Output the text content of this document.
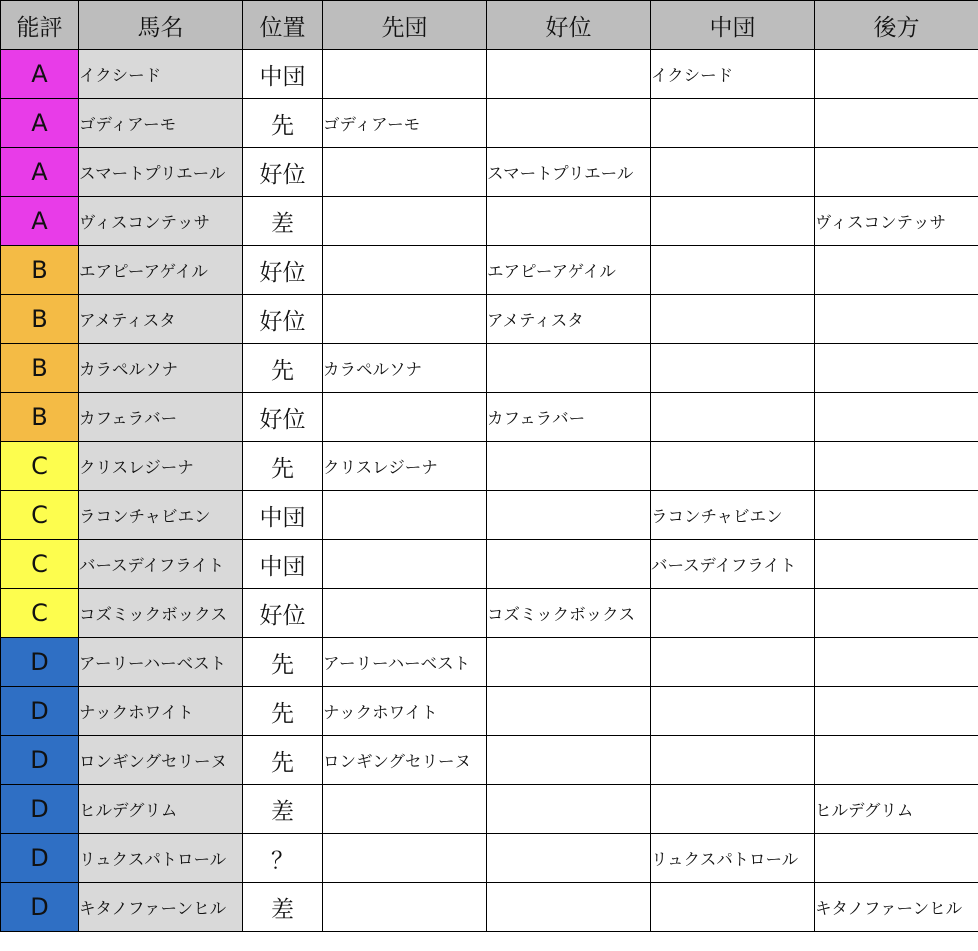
能評	馬名	位置	先団	好位	中団	後方
A	イクシード	中団			イクシード	
A	ゴディアーモ	先	ゴディアーモ			
A	スマートプリエール	好位		スマートプリエール		
A	ヴィスコンテッサ	差				ヴィスコンテッサ
B	エアピーアゲイル	好位		エアピーアゲイル		
B	アメティスタ	好位		アメティスタ		
B	カラペルソナ	先	カラペルソナ			
B	カフェラバー	好位		カフェラバー		
C	クリスレジーナ	先	クリスレジーナ			
C	ラコンチャビエン	中団			ラコンチャビエン	
C	バースデイフライト	中団			バースデイフライト	
C	コズミックボックス	好位		コズミックボックス		
D	アーリーハーベスト	先	アーリーハーベスト			
D	ナックホワイト	先	ナックホワイト			
D	ロンギングセリーヌ	先	ロンギングセリーヌ			
D	ヒルデグリム	差				ヒルデグリム
D	リュクスパトロール	？			リュクスパトロール	
D	キタノファーンヒル	差				キタノファーンヒル
